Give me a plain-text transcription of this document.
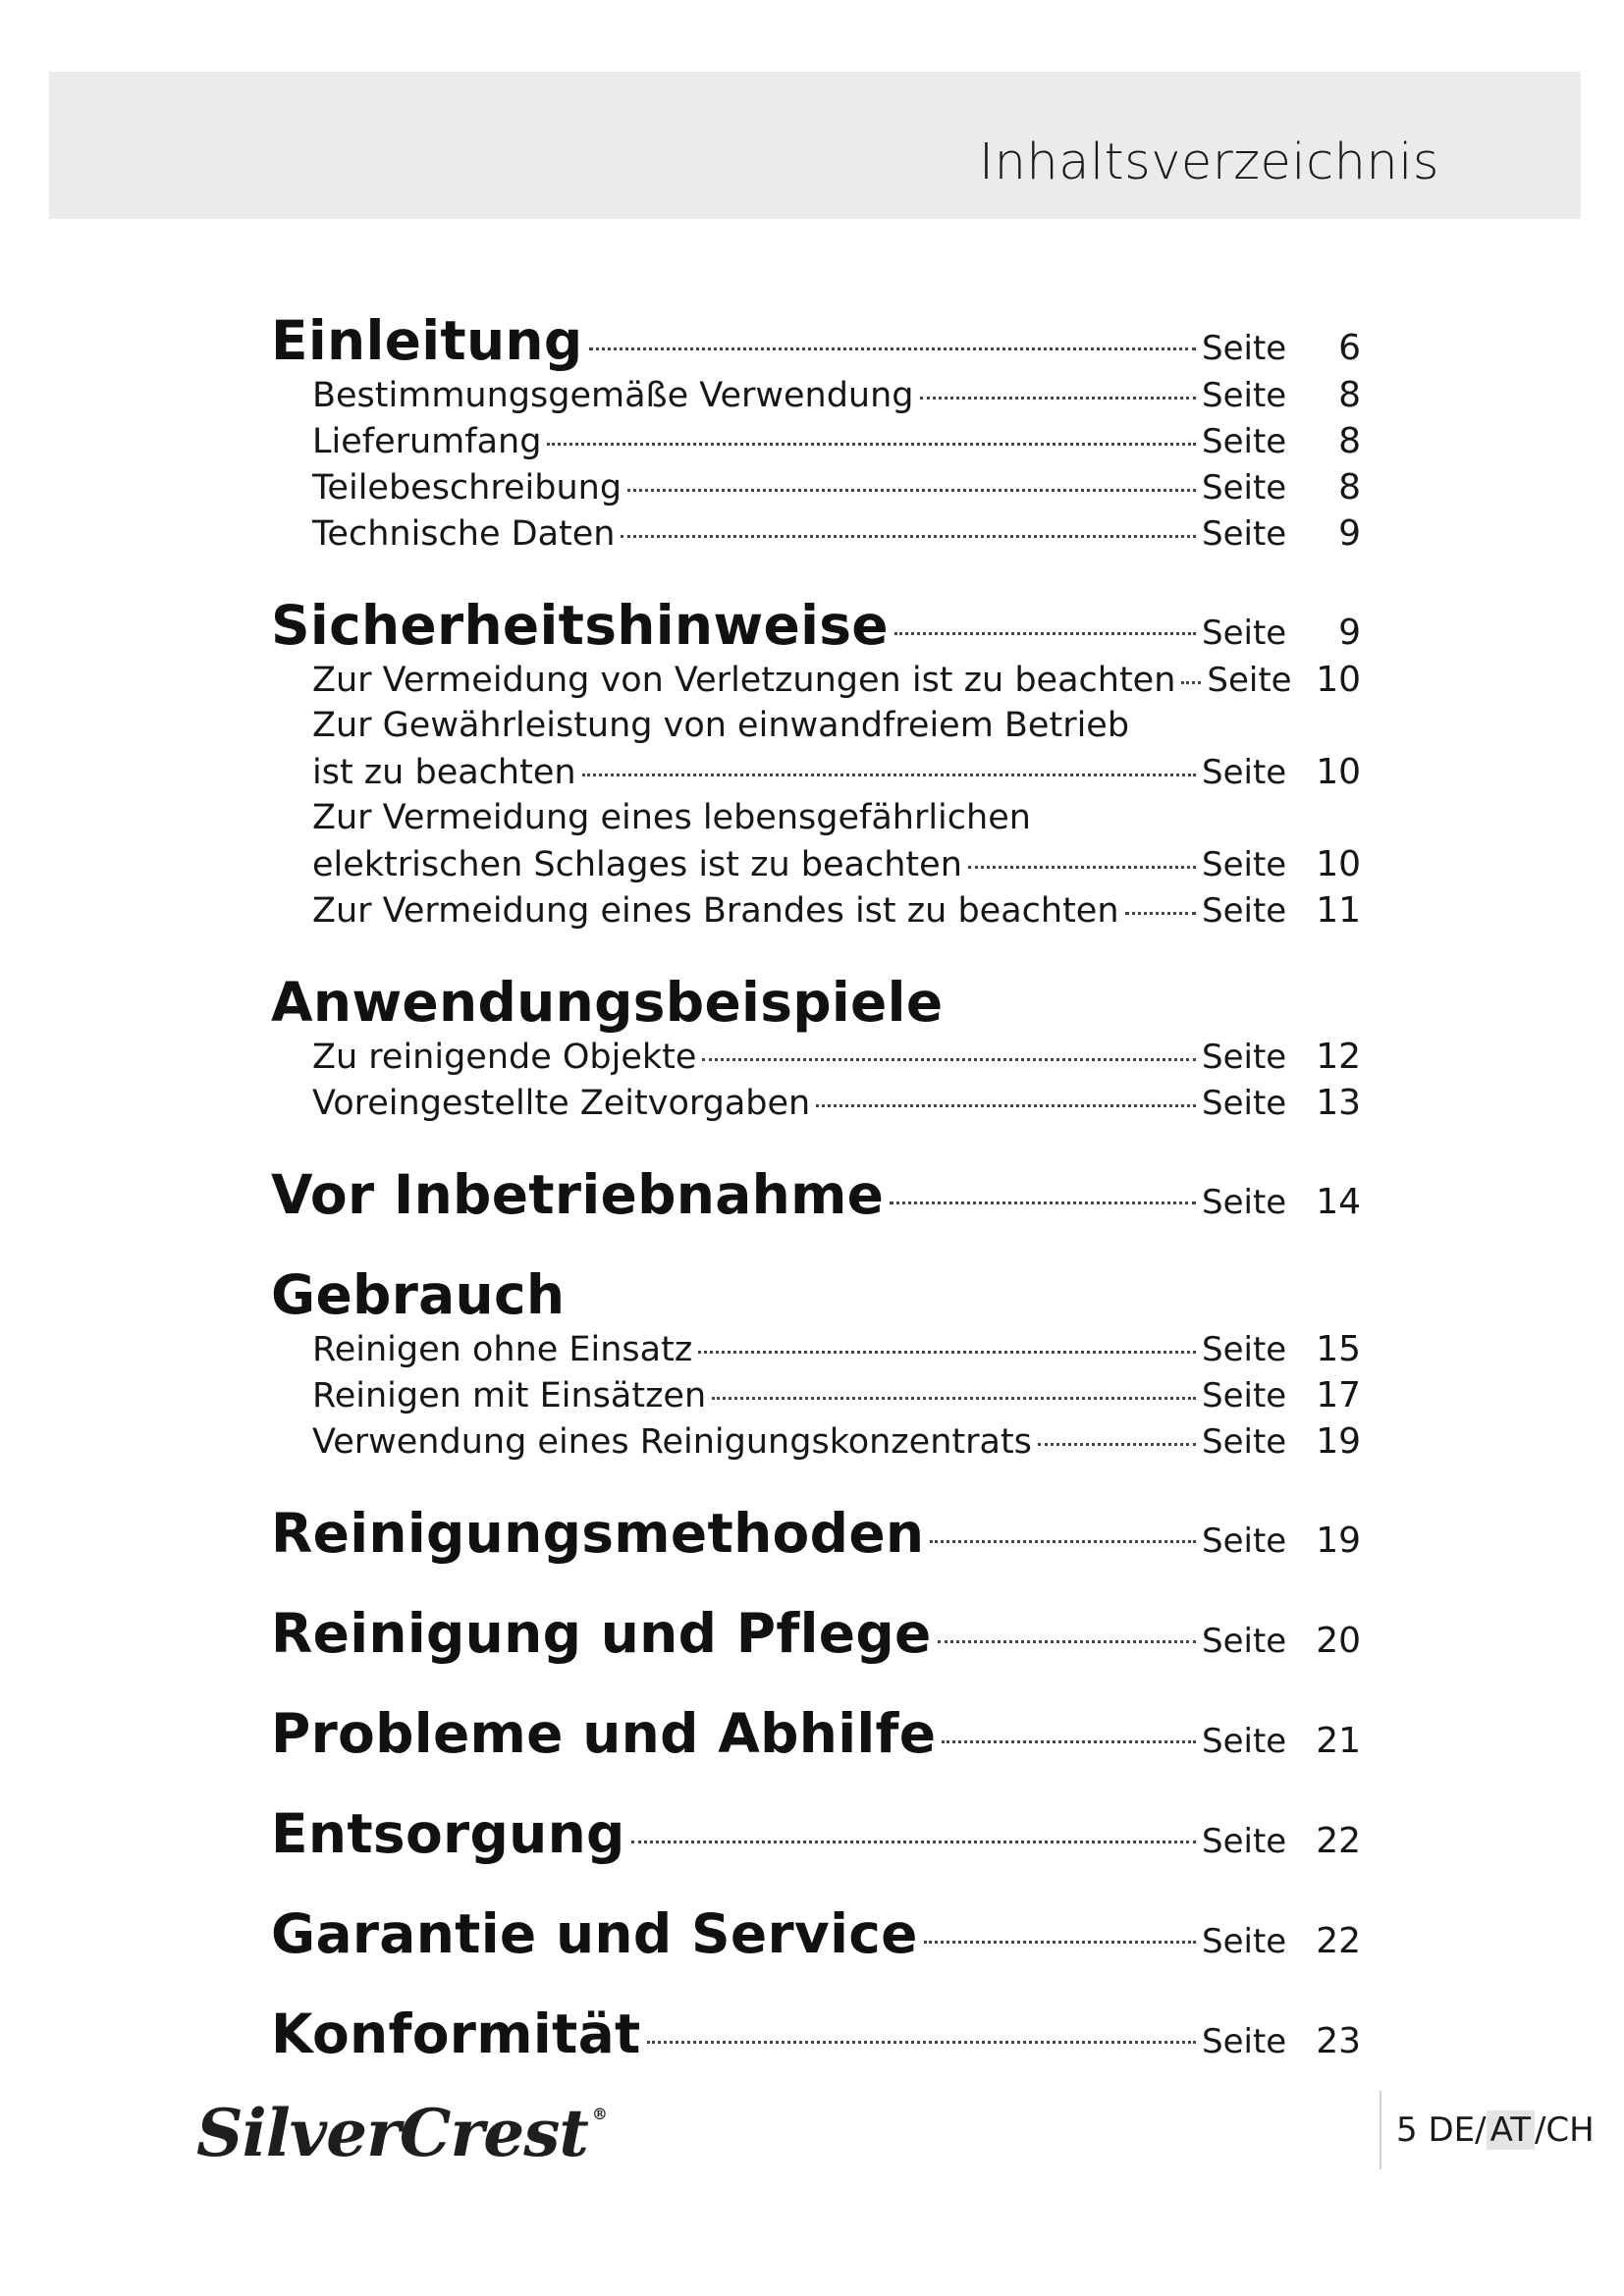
Inhaltsverzeichnis
Einleitung	Seite	6
Bestimmungsgemäße Verwendung	Seite	8
Lieferumfang	Seite	8
Teilebeschreibung	Seite	8
Technische Daten	Seite	9
Sicherheitshinweise	Seite	9
Zur Vermeidung von Verletzungen ist zu beachten Seite 10
Zur Gewährleistung von einwandfreiem Betrieb
ist zu beachten	Seite 10
Zur Vermeidung eines lebensgefährlichen
elektrischen Schlages ist zu beachten	Seite 10
Zur Vermeidung eines Brandes ist zu beachten Seite 11
Anwendungsbeispiele
Zu reinigende Objekte	Seite 12
Voreingestellte Zeitvorgaben	Seite 13
Vor Inbetriebnahme	Seite 14
Gebrauch
Reinigen ohne Einsatz	Seite 15
Reinigen mit Einsätzen	Seite 17
Verwendung eines Reinigungskonzentrats	Seite 19
Reinigungsmethoden	Seite 19
Reinigung und Pflege	Seite 20
Probleme und Abhilfe	Seite 21
Entsorgung	Seite 22
Garantie und Service	Seite 22
Konformität	Seite 23
SilverCrest ®	5 DE/ AT /CH
